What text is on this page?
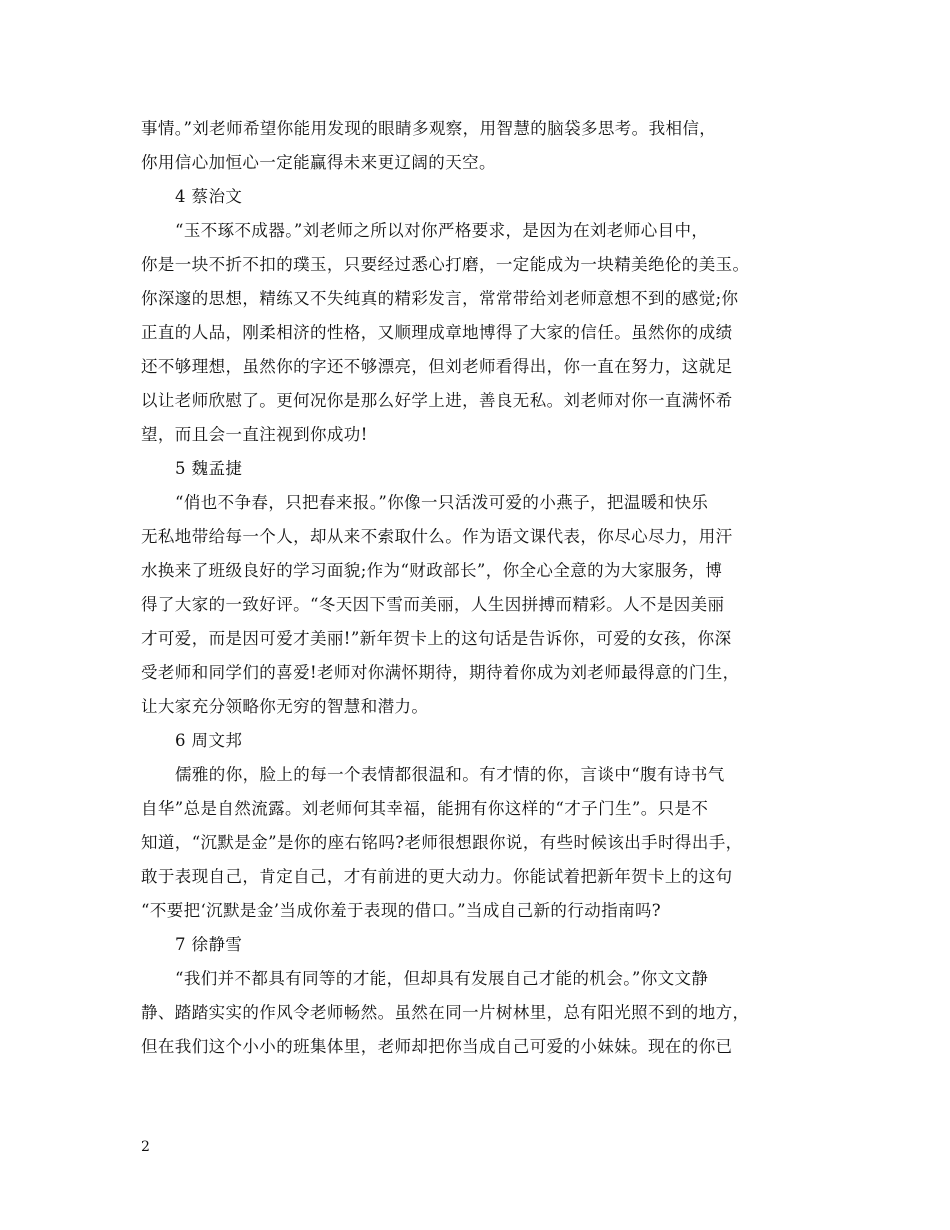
事情。”刘老师希望你能用发现的眼睛多观察，用智慧的脑袋多思考。我相信，
你用信心加恒心一定能赢得未来更辽阔的天空。
4 蔡治文
“玉不琢不成器。”刘老师之所以对你严格要求，是因为在刘老师心目中，
你是一块不折不扣的璞玉，只要经过悉心打磨，一定能成为一块精美绝伦的美玉。
你深邃的思想，精练又不失纯真的精彩发言，常常带给刘老师意想不到的感觉;你
正直的人品，刚柔相济的性格，又顺理成章地博得了大家的信任。虽然你的成绩
还不够理想，虽然你的字还不够漂亮，但刘老师看得出，你一直在努力，这就足
以让老师欣慰了。更何况你是那么好学上进，善良无私。刘老师对你一直满怀希
望，而且会一直注视到你成功!
5 魏孟捷
“俏也不争春，只把春来报。”你像一只活泼可爱的小燕子，把温暖和快乐
无私地带给每一个人，却从来不索取什么。作为语文课代表，你尽心尽力，用汗
水换来了班级良好的学习面貌;作为“财政部长”，你全心全意的为大家服务，博
得了大家的一致好评。“冬天因下雪而美丽，人生因拼搏而精彩。人不是因美丽
才可爱，而是因可爱才美丽!”新年贺卡上的这句话是告诉你，可爱的女孩，你深
受老师和同学们的喜爱!老师对你满怀期待，期待着你成为刘老师最得意的门生，
让大家充分领略你无穷的智慧和潜力。
6 周文邦
儒雅的你，脸上的每一个表情都很温和。有才情的你，言谈中“腹有诗书气
自华”总是自然流露。刘老师何其幸福，能拥有你这样的“才子门生”。只是不
知道，“沉默是金”是你的座右铭吗?老师很想跟你说，有些时候该出手时得出手，
敢于表现自己，肯定自己，才有前进的更大动力。你能试着把新年贺卡上的这句
“不要把‘沉默是金’当成你羞于表现的借口。”当成自己新的行动指南吗?
7 徐静雪
“我们并不都具有同等的才能，但却具有发展自己才能的机会。”你文文静
静、踏踏实实的作风令老师畅然。虽然在同一片树林里，总有阳光照不到的地方，
但在我们这个小小的班集体里，老师却把你当成自己可爱的小妹妹。现在的你已
2
